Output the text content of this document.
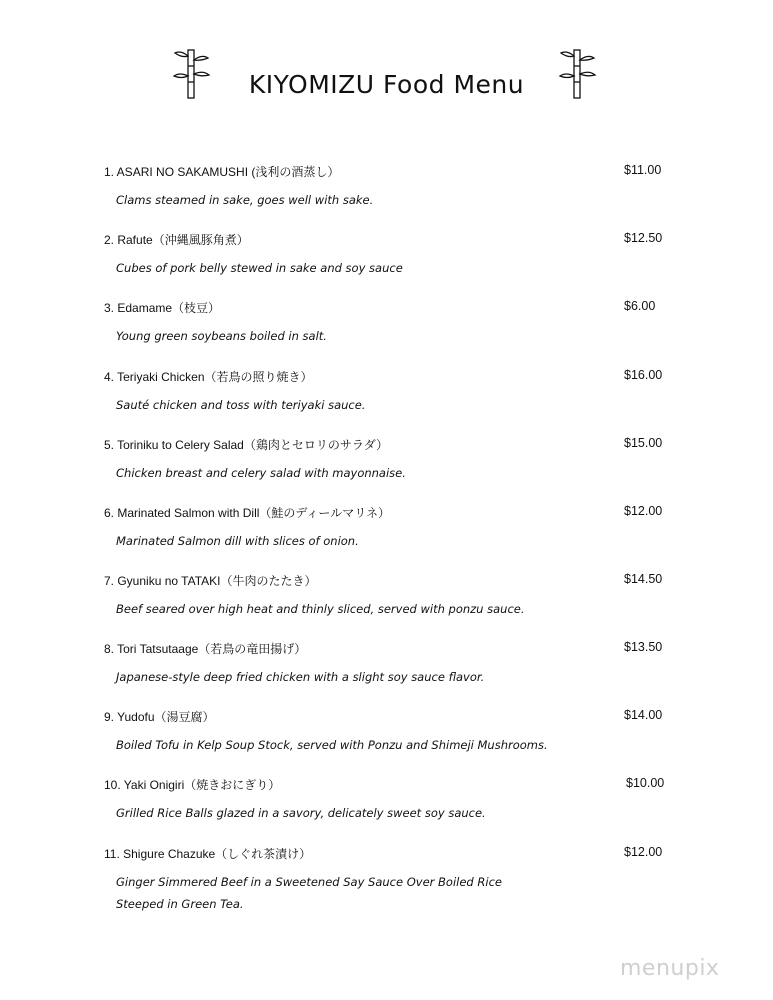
KIYOMIZU Food Menu
1. ASARI NO SAKAMUSHI (浅利の酒蒸し）
Clams steamed in sake, goes well with sake.
$11.00
2. Rafute（沖縄風豚角煮）
Cubes of pork belly stewed in sake and soy sauce
$12.50
3. Edamame（枝豆）
Young green soybeans boiled in salt.
$6.00
4. Teriyaki Chicken（若鳥の照り焼き）
Sauté chicken and toss with teriyaki sauce.
$16.00
5. Toriniku to Celery Salad（鶏肉とセロリのサラダ）
Chicken breast and celery salad with mayonnaise.
$15.00
6. Marinated Salmon with Dill（鮭のディールマリネ）
Marinated Salmon dill with slices of onion.
$12.00
7. Gyuniku no TATAKI（牛肉のたたき）
Beef seared over high heat and thinly sliced, served with ponzu sauce.
$14.50
8. Tori Tatsutaage（若鳥の竜田揚げ）
Japanese-style deep fried chicken with a slight soy sauce flavor.
$13.50
9. Yudofu（湯豆腐）
Boiled Tofu in Kelp Soup Stock, served with Ponzu and Shimeji Mushrooms.
$14.00
10. Yaki Onigiri（焼きおにぎり）
Grilled Rice Balls glazed in a savory, delicately sweet soy sauce.
$10.00
11. Shigure Chazuke（しぐれ茶漬け）
Ginger Simmered Beef in a Sweetened Say Sauce Over Boiled Rice
Steeped in Green Tea.
$12.00
menupix
